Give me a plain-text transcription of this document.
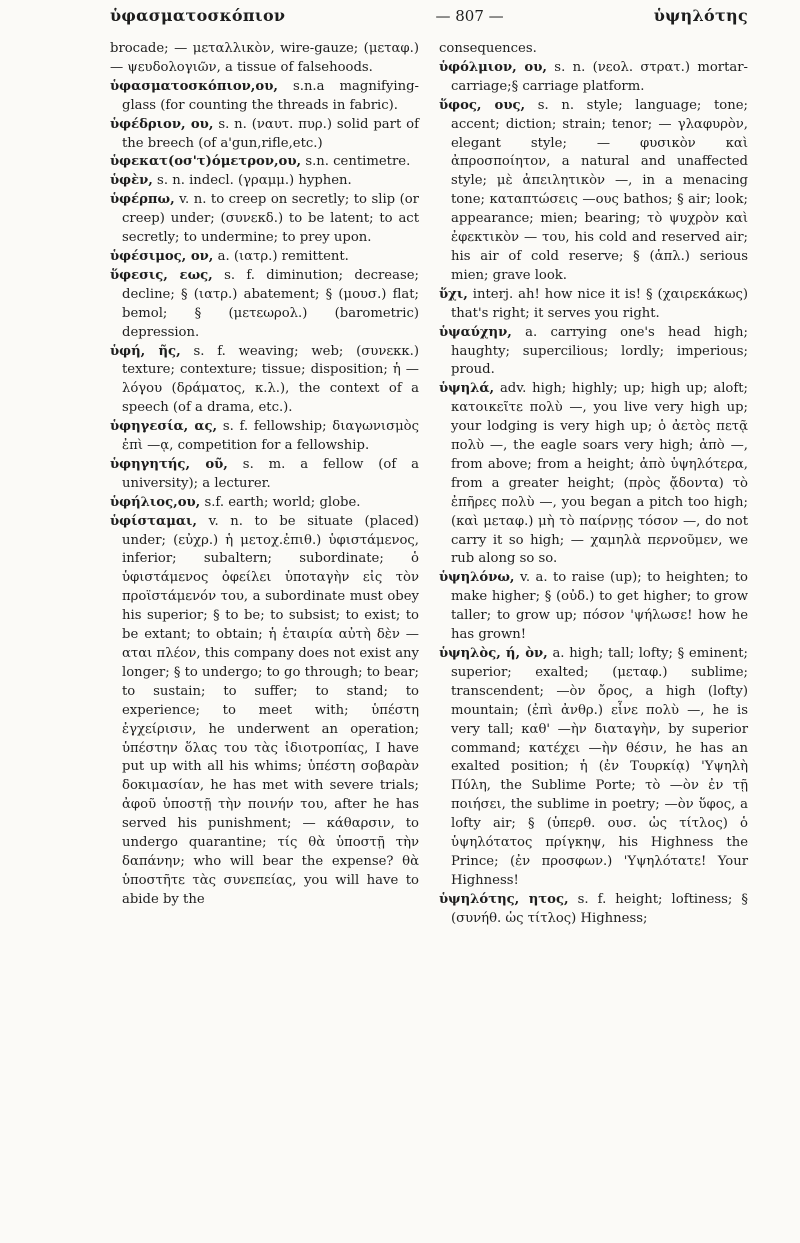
ὑφασματοσκόπιον	— 807 —	ὑψηλότης

brocade; — μεταλλικὸν, wire-gauze; (μεταφ.) — ψευδολογιῶν, a tissue of falsehoods.

ὑφασματοσκόπιον,ου, s.n.a magnifying-glass (for counting the threads in fabric).

ὑφέδριον, ου, s. n. (ναυτ. πυρ.) solid part of the breech (of a'gun,rifle,etc.)

ὑφεκατ(οσ'τ)όμετρον,ου, s.n. centimetre.

ὑφὲν, s. n. indecl. (γραμμ.) hyphen.

ὑφέρπω, v. n. to creep on secretly; to slip (or creep) under; (συνεκδ.) to be latent; to act secretly; to undermine; to prey upon.

ὑφέσιμος, ον, a. (ιατρ.) remittent.

ὕφεσις, εως, s. f. diminution; decrease; decline; § (ιατρ.) abatement; § (μουσ.) flat; bemol; § (μετεωρολ.) (barometric) depression.

ὑφή, ῆς, s. f. weaving; web; (συνεκκ.) texture; contexture; tissue; disposition; ἡ — λόγου (δράματος, κ.λ.), the context of a speech (of a drama, etc.).

ὑφηγεσία, ας, s. f. fellowship; διαγωνισμὸς ἐπὶ —ᾳ, competition for a fellowship.

ὑφηγητής, οῦ, s. m. a fellow (of a university); a lecturer.

ὑφήλιος,ου, s.f. earth; world; globe.

ὑφίσταμαι, v. n. to be situate (placed) under; (εὐχρ.) ἡ μετοχ.ἐπιθ.) ὑφιστάμενος, inferior; subaltern; subordinate; ὁ ὑφιστάμενος ὀφείλει ὑποταγὴν εἰς τὸν προϊστάμενόν του, a subordinate must obey his superior; § to be; to subsist; to exist; to be extant; to obtain; ἡ ἑταιρία αὐτὴ δὲν —αται πλέον, this company does not exist any longer; § to undergo; to go through; to bear; to sustain; to suffer; to stand; to experience; to meet with; ὑπέστη ἐγχείρισιν, he underwent an operation; ὑπέστην ὅλας του τὰς ἰδιοτροπίας, I have put up with all his whims; ὑπέστη σοβαρὰν δοκιμασίαν, he has met with severe trials; ἀφοῦ ὑποστῇ τὴν ποινήν του, after he has served his punishment; — κάθαρσιν, to undergo quarantine; τίς θὰ ὑποστῇ τὴν δαπάνην; who will bear the expense? θὰ ὑποστῆτε τὰς συνεπείας, you will have to abide by the

consequences.

ὑφόλμιον, ου, s. n. (νεολ. στρατ.) mortar-carriage;§ carriage platform.

ὕφος, ους, s. n. style; language; tone; accent; diction; strain; tenor; — γλαφυρὸν, elegant style; — φυσικὸν καὶ ἀπροσποίητον, a natural and unaffected style; μὲ ἀπειλητικὸν —, in a menacing tone; καταπτώσεις —ους bathos; § air; look; appearance; mien; bearing; τὸ ψυχρὸν καὶ ἐφεκτικὸν — του, his cold and reserved air; his air of cold reserve; § (ἁπλ.) serious mien; grave look.

ὕχι, interj. ah! how nice it is! § (χαιρεκάκως) that's right; it serves you right.

ὑψαύχην, a. carrying one's head high; haughty; supercilious; lordly; imperious; proud.

ὑψηλά, adv. high; highly; up; high up; aloft; κατοικεῖτε πολὺ —, you live very high up; your lodging is very high up; ὁ ἀετὸς πετᾷ πολὺ —, the eagle soars very high; ἀπὸ —, from above; from a height; ἀπὸ ὑψηλότερα, from a greater height; (πρὸς ᾄδοντα) τὸ ἐπῆρες πολὺ —, you began a pitch too high; (καὶ μεταφ.) μὴ τὸ παίρνῃς τόσον —, do not carry it so high; — χαμηλὰ περνοῦμεν, we rub along so so.

ὑψηλόνω, v. a. to raise (up); to heighten; to make higher; § (οὐδ.) to get higher; to grow taller; to grow up; πόσον 'ψήλωσε! how he has grown!

ὑψηλὸς, ή, ὸν, a. high; tall; lofty; § eminent; superior; exalted; (μεταφ.) sublime; transcendent; —ὸν ὄρος, a high (lofty) mountain; (ἐπὶ ἀνθρ.) εἶνε πολὺ —, he is very tall; καθ' —ὴν διαταγὴν, by superior command; κατέχει —ὴν θέσιν, he has an exalted position; ἡ (ἐν Τουρκίᾳ) 'Υψηλὴ Πύλη, the Sublime Porte; τὸ —ὸν ἐν τῇ ποιήσει, the sublime in poetry; —ὸν ὕφος, a lofty air; § (ὑπερθ. ουσ. ὡς τίτλος) ὁ ὑψηλότατος πρίγκηψ, his Highness the Prince; (ἐν προσφων.) 'Υψηλότατε! Your Highness!

ὑψηλότης, ητος, s. f. height; loftiness; § (συνήθ. ὡς τίτλος) Highness;
